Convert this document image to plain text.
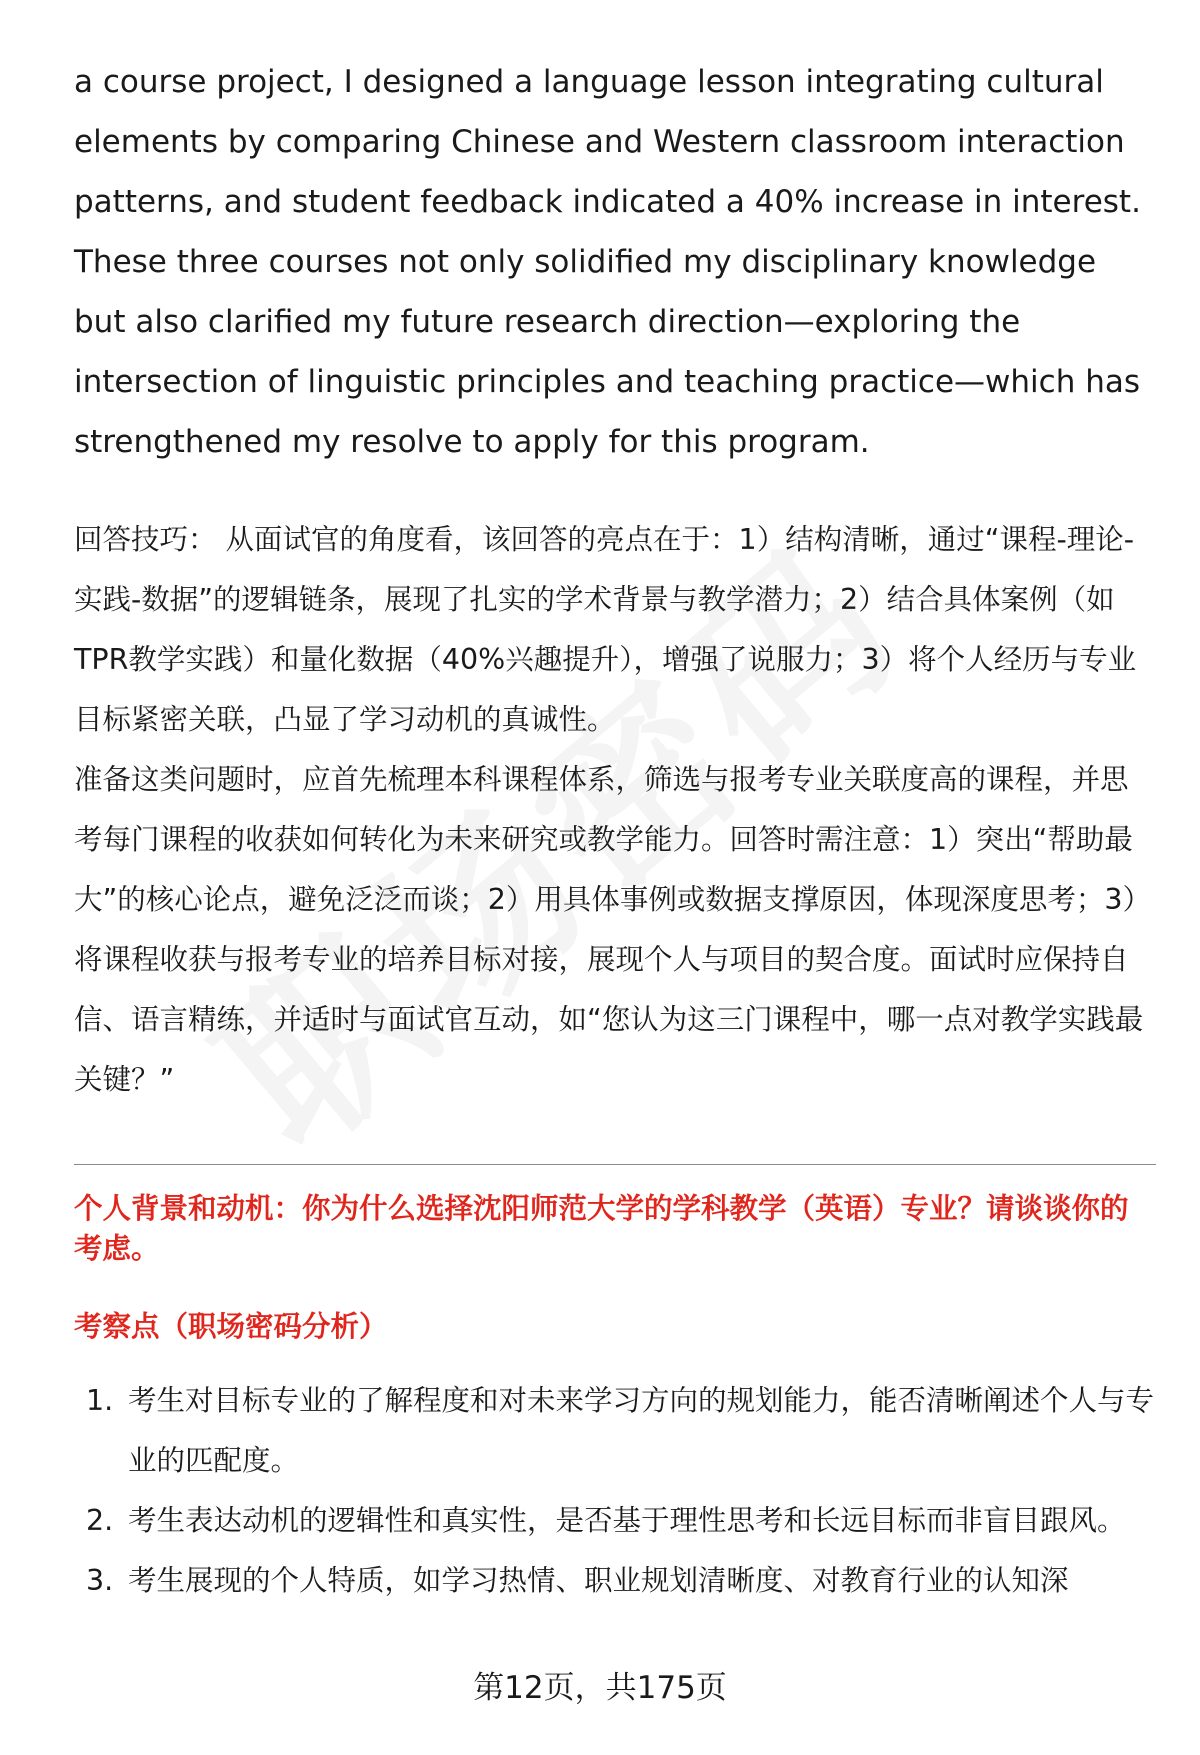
a course project, I designed a language lesson integrating cultural elements by comparing Chinese and Western classroom interaction patterns, and student feedback indicated a 40% increase in interest. These three courses not only solidified my disciplinary knowledge but also clarified my future research direction—exploring the intersection of linguistic principles and teaching practice—which has strengthened my resolve to apply for this program.

回答技巧： 从面试官的角度看，该回答的亮点在于：1）结构清晰，通过“课程-理论-实践-数据”的逻辑链条，展现了扎实的学术背景与教学潜力；2）结合具体案例（如TPR教学实践）和量化数据（40%兴趣提升），增强了说服力；3）将个人经历与专业目标紧密关联，凸显了学习动机的真诚性。

准备这类问题时，应首先梳理本科课程体系，筛选与报考专业关联度高的课程，并思考每门课程的收获如何转化为未来研究或教学能力。回答时需注意：1）突出“帮助最大”的核心论点，避免泛泛而谈；2）用具体事例或数据支撑原因，体现深度思考；3）将课程收获与报考专业的培养目标对接，展现个人与项目的契合度。面试时应保持自信、语言精练，并适时与面试官互动，如“您认为这三门课程中，哪一点对教学实践最关键？”

个人背景和动机：你为什么选择沈阳师范大学的学科教学（英语）专业？请谈谈你的考虑。
考察点（职场密码分析）
1. 考生对目标专业的了解程度和对未来学习方向的规划能力，能否清晰阐述个人与专业的匹配度。
2. 考生表达动机的逻辑性和真实性，是否基于理性思考和长远目标而非盲目跟风。
3. 考生展现的个人特质，如学习热情、职业规划清晰度、对教育行业的认知深
第12页，共175页
